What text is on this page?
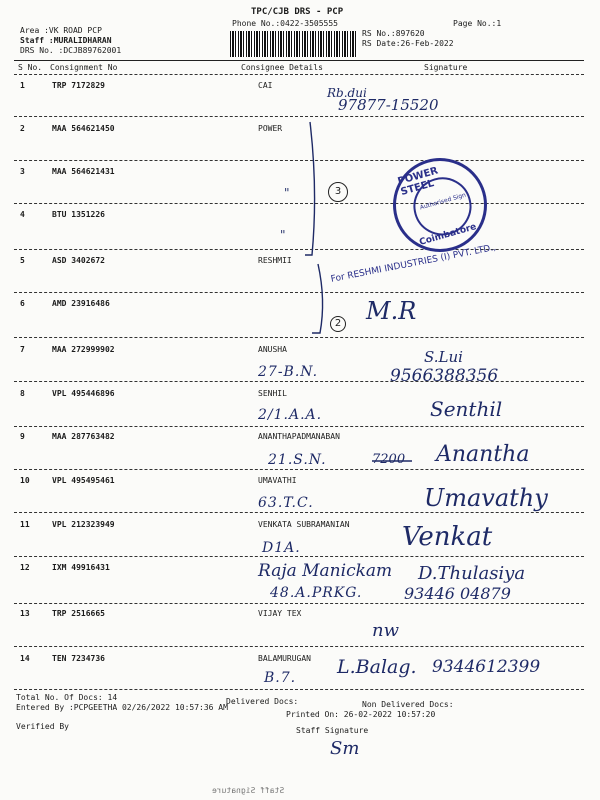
TPC/CJB DRS - PCP
Phone No.:0422-3505555	Page No.:1
Area :VK ROAD PCP
Staff :MURALIDHARAN
DRS No. :DCJB89762001
RS No.:897620
RS Date:26-Feb-2022
S No. Consignment No	Consignee Details	Signature
1	TRP 7172829	CAI
2	MAA 564621450	POWER
3	MAA 564621431
4	BTU 1351226
5	ASD 3402672	RESHMII
6	AMD 23916486
7	MAA 272999902	ANUSHA
8	VPL 495446896	SENHIL
9	MAA 287763482	ANANTHAPADMANABAN
10	VPL 495495461	UMAVATHI
11	VPL 212323949	VENKATA SUBRAMANIAN
12	IXM 49916431
13	TRP 2516665	VIJAY TEX
14	TEN 7234736	BALAMURUGAN
Rb.dui
97877-15520
"
"
3
2 M.R
S.Lui
27-B.N.	9566388356
2/1.A.A.	Senthil
21.S.N.	7200 Anantha
63.T.C.	Umavathy
D1A.	Venkat
Raja Manickam D.Thulasiya
48.A.PRKG.	93446 04879
nw
L.Balag. 9344612399
B.7.
POWER STEEL
Authorised Sign
Coimbatore
For RESHMI INDUSTRIES (I) PVT. LTD.,
Total No. Of Docs: 14	Delivered Docs:	Non Delivered Docs:
Entered By :PCPGEETHA 02/26/2022 10:57:36 AM
Printed On: 26-02-2022 10:57:20
Verified By	Staff Signature
Sm
Staff Signature
